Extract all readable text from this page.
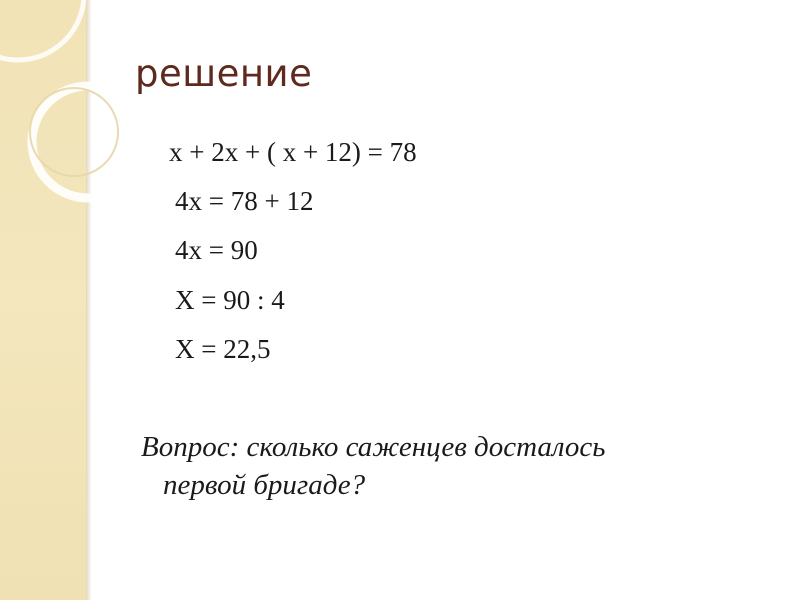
решение

х + 2х + ( х + 12) = 78

4х = 78 + 12

4х = 90

Х = 90 : 4

Х = 22,5

Вопрос: сколько саженцев досталось
первой бригаде?
